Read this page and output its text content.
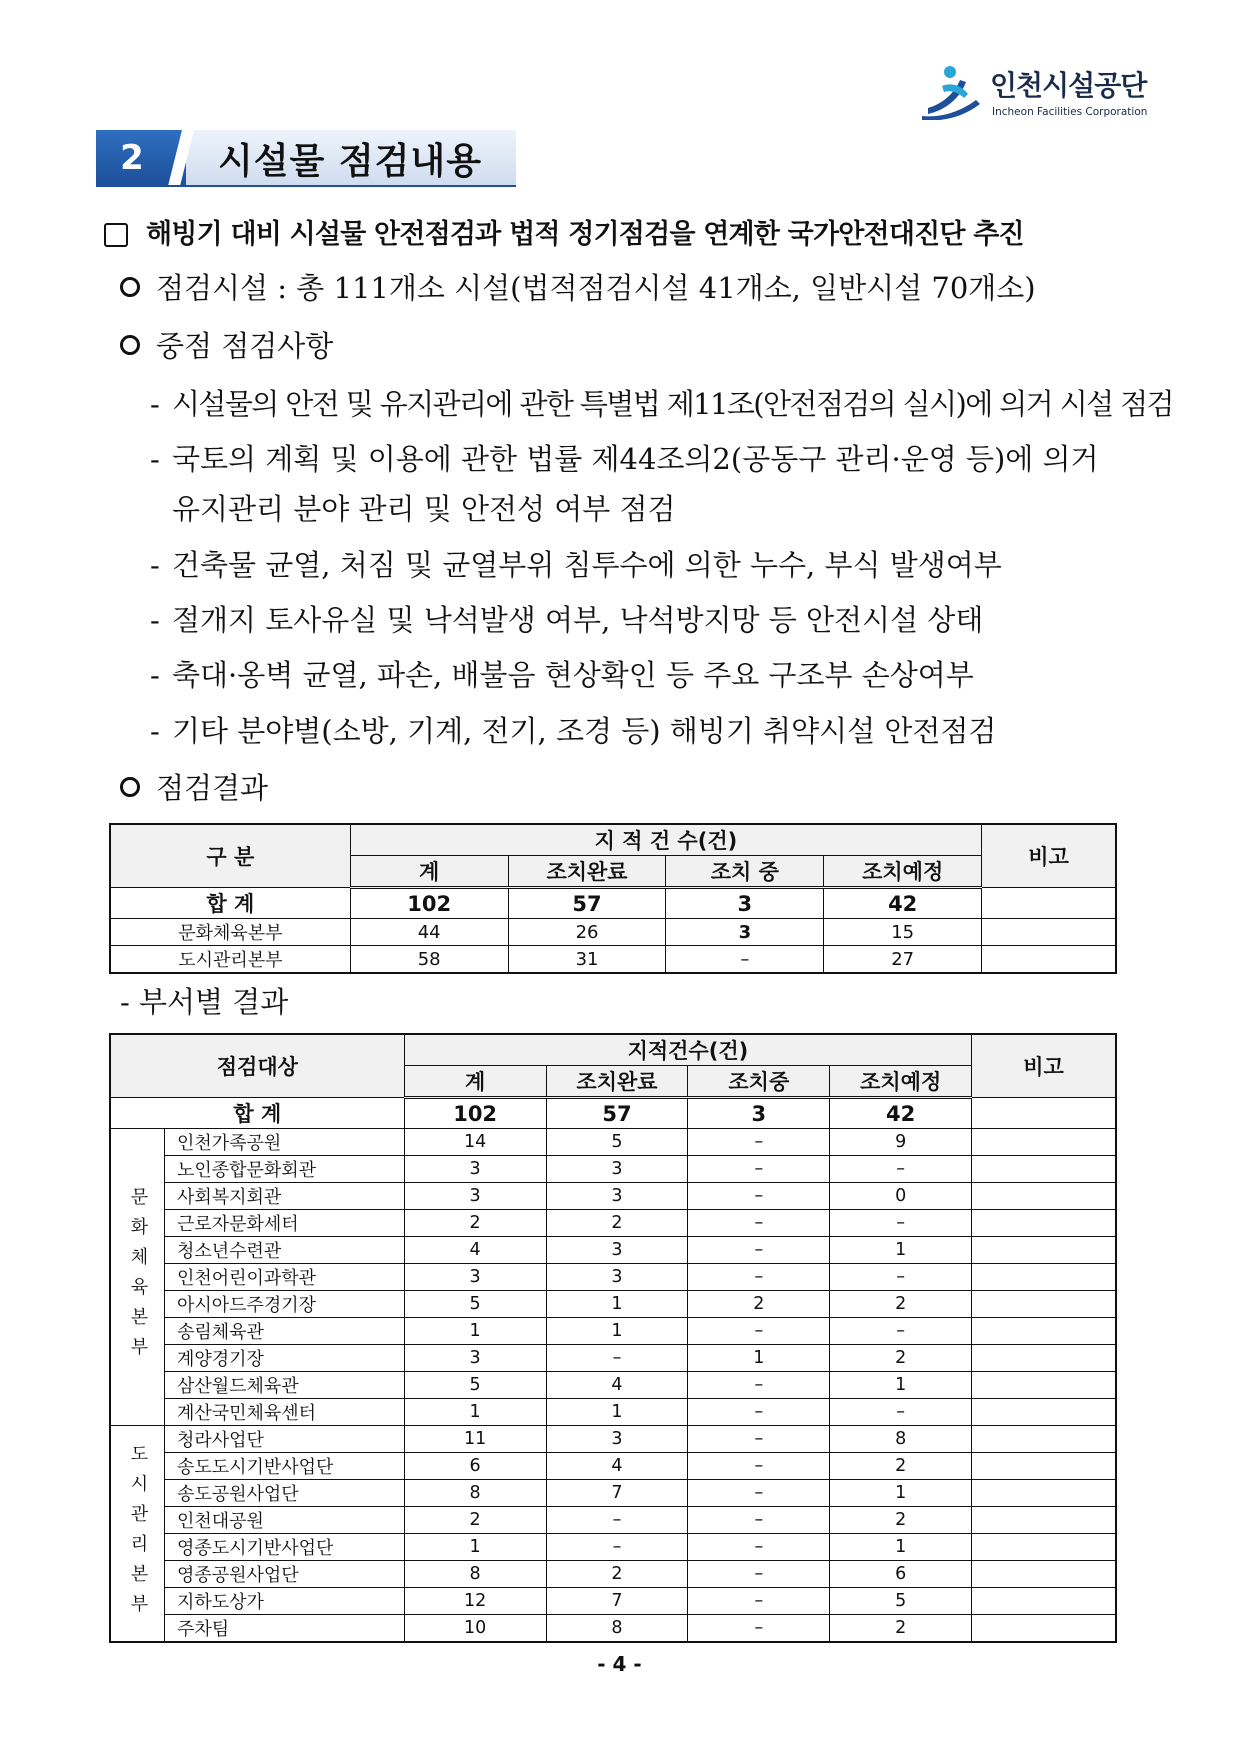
인천시설공단
Incheon Facilities Corporation
2	시설물 점검내용
해빙기 대비 시설물 안전점검과 법적 정기점검을 연계한 국가안전대진단 추진
점검시설 : 총 111개소 시설(법적점검시설 41개소, 일반시설 70개소)
중점 점검사항
- 시설물의 안전 및 유지관리에 관한 특별법 제11조(안전점검의 실시)에 의거 시설 점검
- 국토의 계획 및 이용에 관한 법률 제44조의2(공동구 관리·운영 등)에 의거
유지관리 분야 관리 및 안전성 여부 점검
- 건축물 균열, 처짐 및 균열부위 침투수에 의한 누수, 부식 발생여부
- 절개지 토사유실 및 낙석발생 여부, 낙석방지망 등 안전시설 상태
- 축대·옹벽 균열, 파손, 배불음 현상확인 등 주요 구조부 손상여부
- 기타 분야별(소방, 기계, 전기, 조경 등) 해빙기 취약시설 안전점검
점검결과
구 분	지 적 건 수(건)				비고
	계	조치완료	조치 중	조치예정	
합 계	102	57	3	42	
문화체육본부	44	26	3	15	
도시관리본부	58	31	–	27	
- 부서별 결과
점검대상		지적건수(건)				비고
		계	조치완료	조치중	조치예정	
합 계		102	57	3	42	
문화체육본부	인천가족공원	14	5	–	9	
	노인종합문화회관	3	3	–	–	
	사회복지회관	3	3	–	0	
	근로자문화세터	2	2	–	–	
	청소년수련관	4	3	–	1	
	인천어린이과학관	3	3	–	–	
	아시아드주경기장	5	1	2	2	
	송림체육관	1	1	–	–	
	계양경기장	3	–	1	2	
	삼산월드체육관	5	4	–	1	
	계산국민체육센터	1	1	–	–	
도시관리본부	청라사업단	11	3	–	8	
	송도도시기반사업단	6	4	–	2	
	송도공원사업단	8	7	–	1	
	인천대공원	2	–	–	2	
	영종도시기반사업단	1	–	–	1	
	영종공원사업단	8	2	–	6	
	지하도상가	12	7	–	5	
	주차팀	10	8	–	2	
- 4 -
